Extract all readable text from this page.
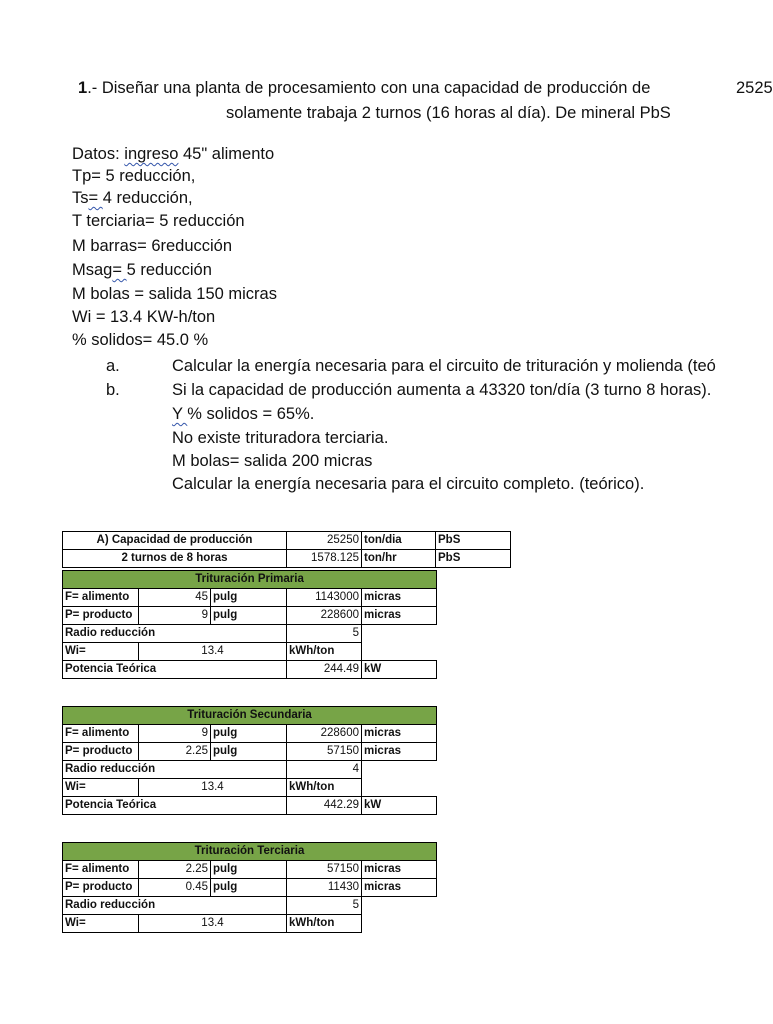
1.- Diseñar una planta de procesamiento con una capacidad de producción de	2525
solamente trabaja 2 turnos (16 horas al día). De mineral PbS
Datos: ingreso 45" alimento
Tp= 5 reducción,
Ts= 4 reducción,
T terciaria= 5 reducción
M barras= 6reducción
Msag= 5 reducción
M bolas = salida 150 micras
Wi = 13.4 KW-h/ton
% solidos= 45.0 %
a.	Calcular la energía necesaria para el circuito de trituración y molienda (teó
b.	Si la capacidad de producción aumenta a 43320 ton/día (3 turno 8 horas).
Y % solidos = 65%.
No existe trituradora terciaria.
M bolas= salida 200 micras
Calcular la energía necesaria para el circuito completo. (teórico).
A) Capacidad de producción	25250	ton/dia	PbS
2 turnos de 8 horas	1578.125	ton/hr	PbS
Trituración Primaria				
F= alimento	45	pulg	1143000	micras
P= producto	9	pulg	228600	micras
Radio reducción			5	
Wi=	13.4		kWh/ton	
Potencia Teórica			244.49	kW
Trituración Secundaria				
F= alimento	9	pulg	228600	micras
P= producto	2.25	pulg	57150	micras
Radio reducción			4	
Wi=	13.4		kWh/ton	
Potencia Teórica			442.29	kW
Trituración Terciaria				
F= alimento	2.25	pulg	57150	micras
P= producto	0.45	pulg	11430	micras
Radio reducción			5	
Wi=	13.4		kWh/ton	
